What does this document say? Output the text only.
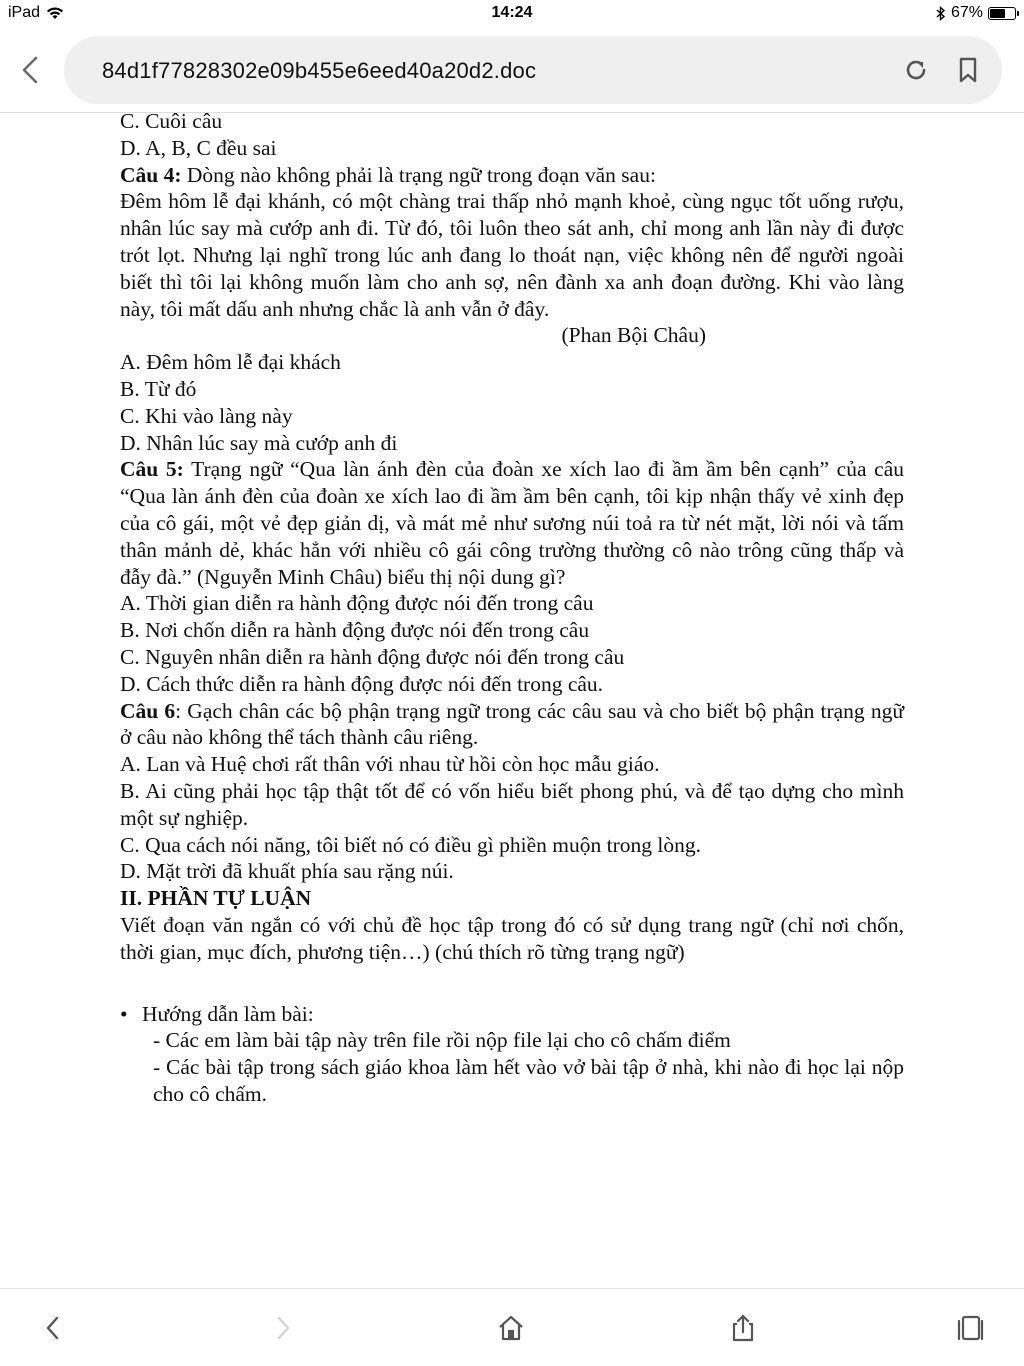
iPad	14:24	67%
84d1f77828302e09b455e6eed40a20d2.doc

C. Cuôi câu

D. A, B, C đều sai

Câu 4: Dòng nào không phải là trạng ngữ trong đoạn văn sau:

Đêm hôm lễ đại khánh, có một chàng trai thấp nhỏ mạnh khoẻ, cùng ngục tốt uống rượu, nhân lúc say mà cướp anh đi. Từ đó, tôi luôn theo sát anh, chỉ mong anh lần này đi được trót lọt. Nhưng lại nghĩ trong lúc anh đang lo thoát nạn, việc không nên để người ngoài biết thì tôi lại không muốn làm cho anh sợ, nên đành xa anh đoạn đường. Khi vào làng này, tôi mất dấu anh nhưng chắc là anh vẫn ở đây.

(Phan Bội Châu)

A. Đêm hôm lễ đại khách

B. Từ đó

C. Khi vào làng này

D. Nhân lúc say mà cướp anh đi

Câu 5: Trạng ngữ “Qua làn ánh đèn của đoàn xe xích lao đi ầm ầm bên cạnh” của câu “Qua làn ánh đèn của đoàn xe xích lao đi ầm ầm bên cạnh, tôi kịp nhận thấy vẻ xinh đẹp của cô gái, một vẻ đẹp giản dị, và mát mẻ như sương núi toả ra từ nét mặt, lời nói và tấm thân mảnh dẻ, khác hẳn với nhiều cô gái công trường thường cô nào trông cũng thấp và đẫy đà.” (Nguyễn Minh Châu) biểu thị nội dung gì?

A. Thời gian diễn ra hành động được nói đến trong câu

B. Nơi chốn diễn ra hành động được nói đến trong câu

C. Nguyên nhân diễn ra hành động được nói đến trong câu

D. Cách thức diễn ra hành động được nói đến trong câu.

Câu 6: Gạch chân các bộ phận trạng ngữ trong các câu sau và cho biết bộ phận trạng ngữ ở câu nào không thể tách thành câu riêng.

A. Lan và Huệ chơi rất thân với nhau từ hồi còn học mẫu giáo.

B. Ai cũng phải học tập thật tốt để có vốn hiểu biết phong phú, và để tạo dựng cho mình một sự nghiệp.

C. Qua cách nói năng, tôi biết nó có điều gì phiền muộn trong lòng.

D. Mặt trời đã khuất phía sau rặng núi.

II. PHẦN TỰ LUẬN

Viết đoạn văn ngắn có với chủ đề học tập trong đó có sử dụng trang ngữ (chỉ nơi chốn, thời gian, mục đích, phương tiện…) (chú thích rõ từng trạng ngữ)

• Hướng dẫn làm bài:

- Các em làm bài tập này trên file rồi nộp file lại cho cô chấm điểm

- Các bài tập trong sách giáo khoa làm hết vào vở bài tập ở nhà, khi nào đi học lại nộp cho cô chấm.
